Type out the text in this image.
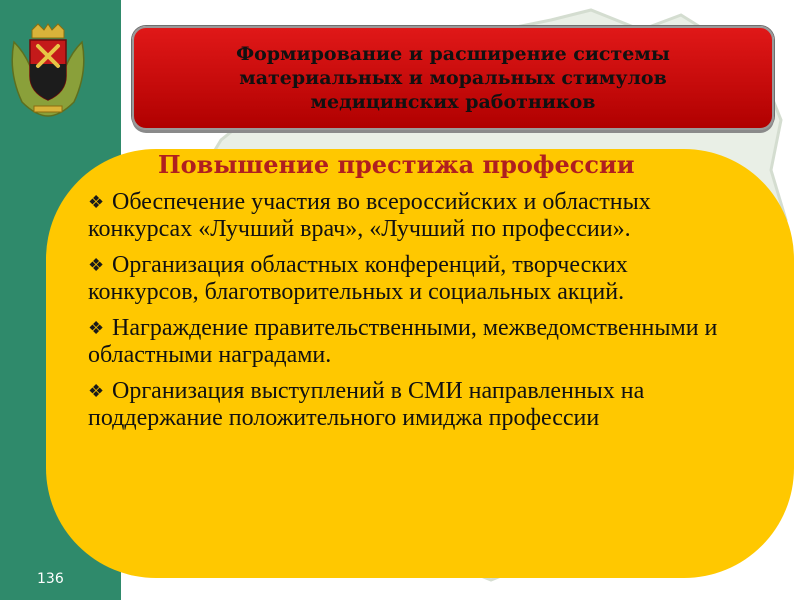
Формирование и расширение системы материальных и моральных стимулов медицинских работников
Повышение престижа профессии
❖ Обеспечение участия во всероссийских и областных конкурсах «Лучший врач», «Лучший по профессии».
❖ Организация областных конференций, творческих конкурсов, благотворительных и социальных акций.
❖ Награждение правительственными, межведомственными и областными наградами.
❖ Организация выступлений в СМИ направленных на поддержание положительного имиджа профессии
136
